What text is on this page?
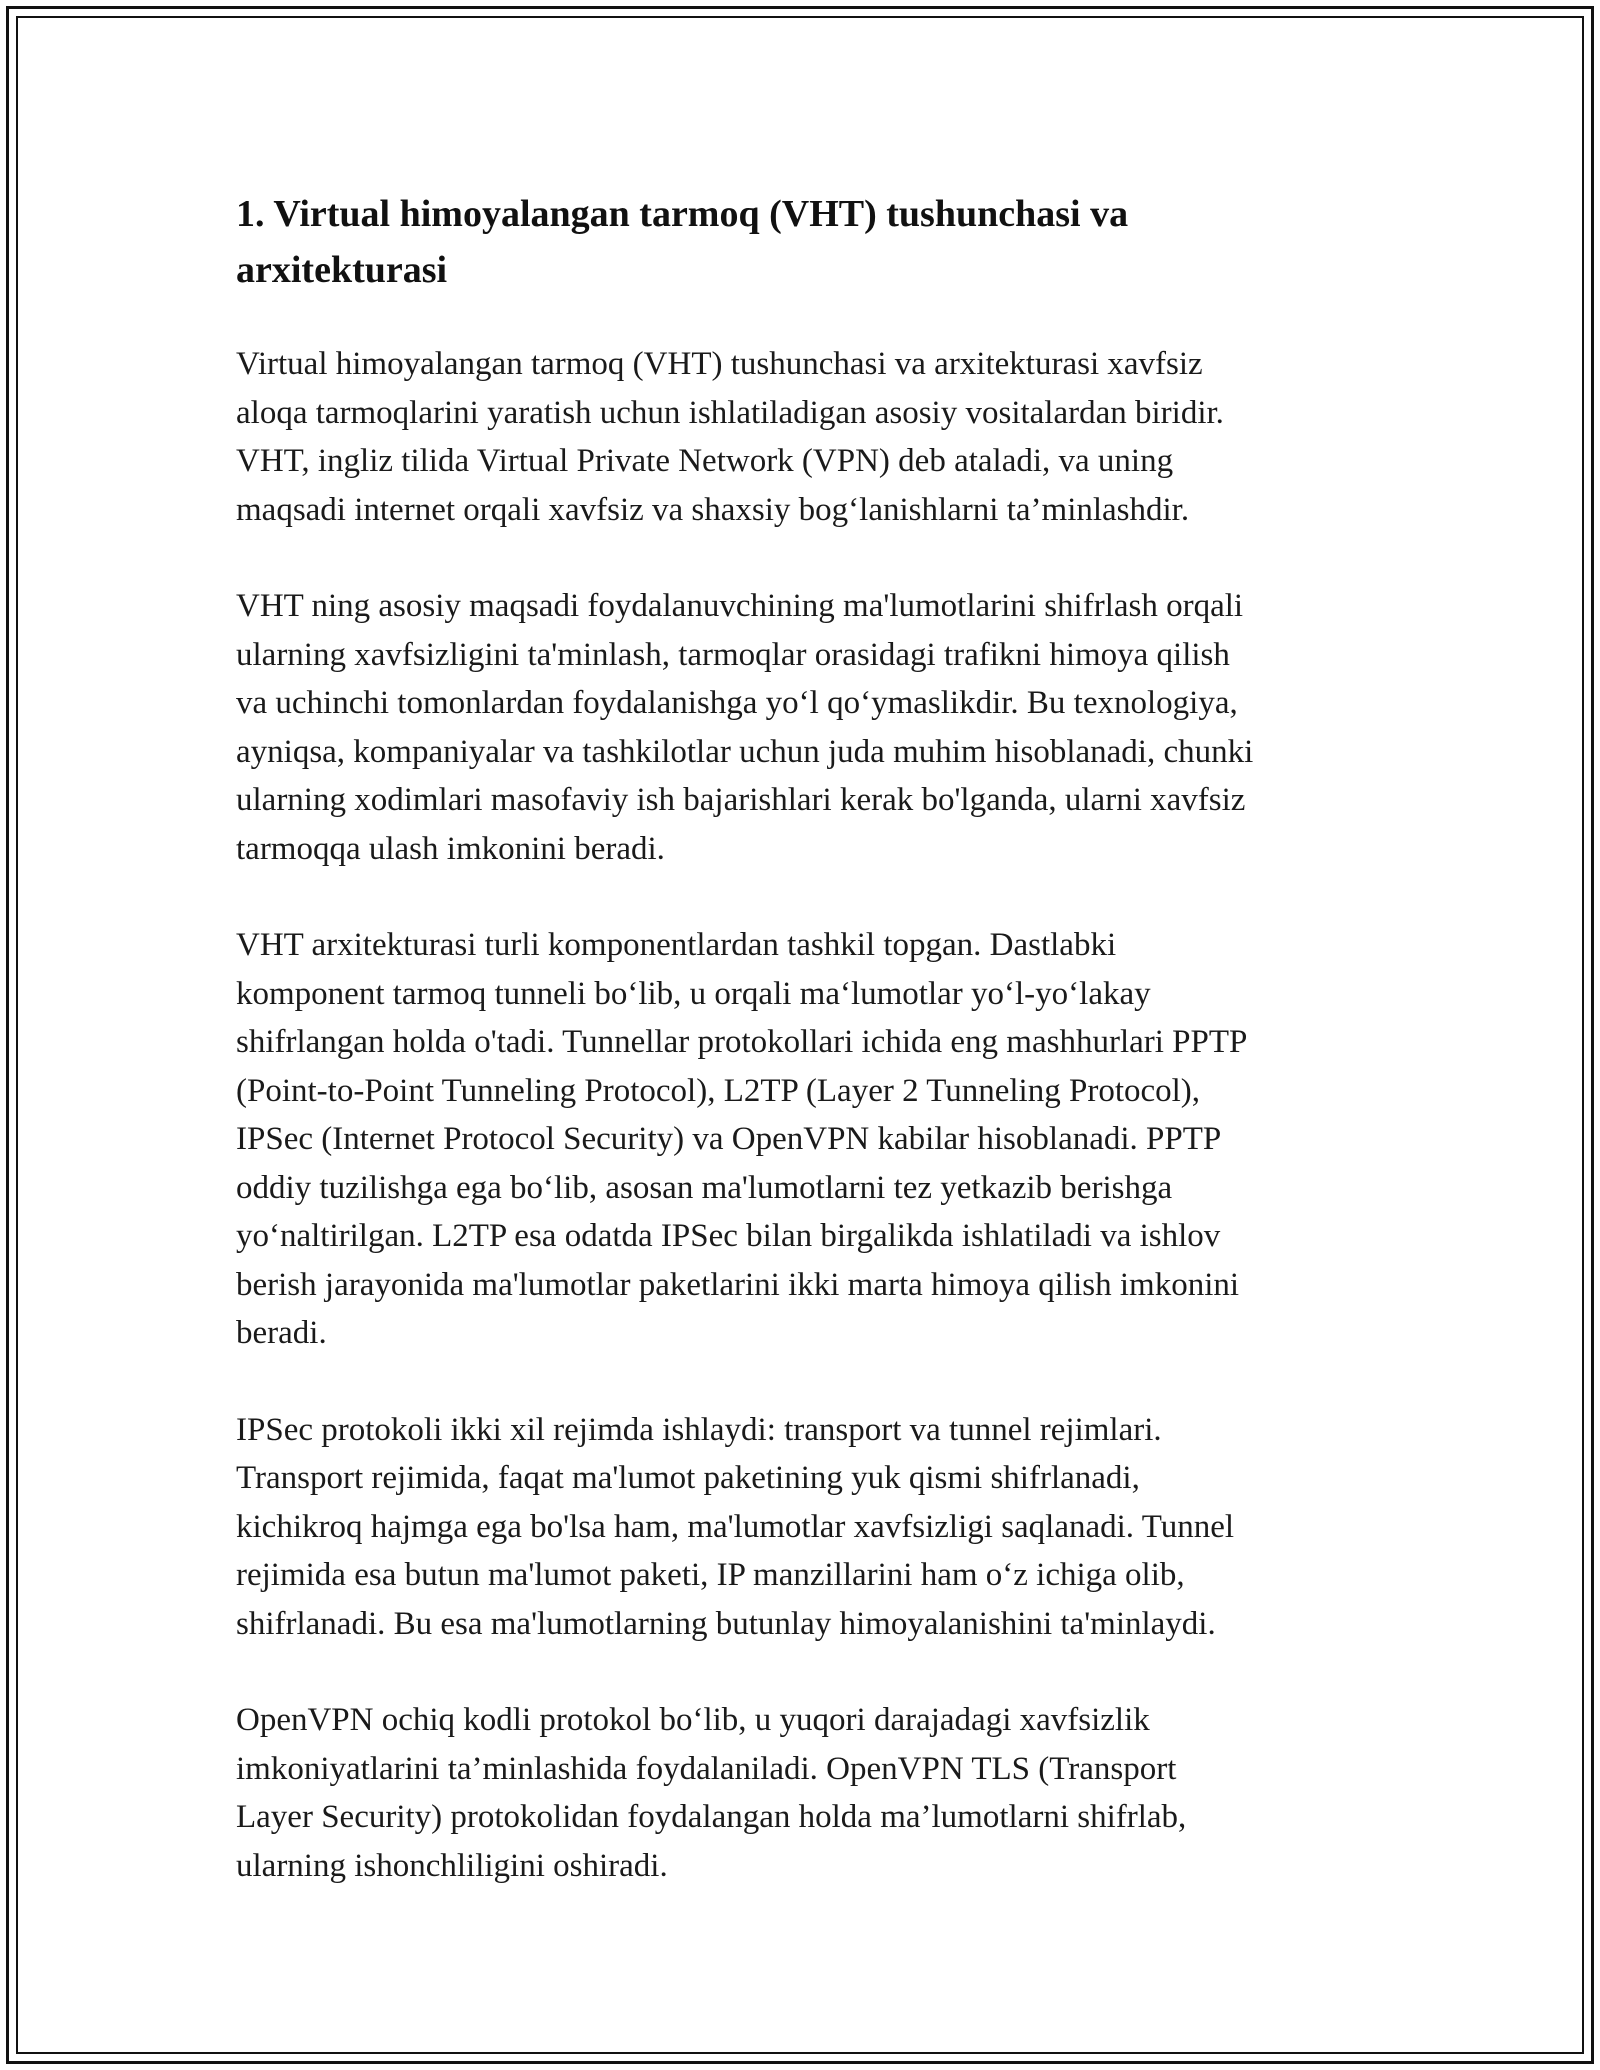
1. Virtual himoyalangan tarmoq (VHT) tushunchasi va
arxitekturasi

Virtual himoyalangan tarmoq (VHT) tushunchasi va arxitekturasi xavfsiz
aloqa tarmoqlarini yaratish uchun ishlatiladigan asosiy vositalardan biridir.
VHT, ingliz tilida Virtual Private Network (VPN) deb ataladi, va uning
maqsadi internet orqali xavfsiz va shaxsiy bog‘lanishlarni ta’minlashdir.

VHT ning asosiy maqsadi foydalanuvchining ma'lumotlarini shifrlash orqali
ularning xavfsizligini ta'minlash, tarmoqlar orasidagi trafikni himoya qilish
va uchinchi tomonlardan foydalanishga yo‘l qo‘ymaslikdir. Bu texnologiya,
ayniqsa, kompaniyalar va tashkilotlar uchun juda muhim hisoblanadi, chunki
ularning xodimlari masofaviy ish bajarishlari kerak bo'lganda, ularni xavfsiz
tarmoqqa ulash imkonini beradi.

VHT arxitekturasi turli komponentlardan tashkil topgan. Dastlabki
komponent tarmoq tunneli bo‘lib, u orqali ma‘lumotlar yo‘l-yo‘lakay
shifrlangan holda o'tadi. Tunnellar protokollari ichida eng mashhurlari PPTP
(Point-to-Point Tunneling Protocol), L2TP (Layer 2 Tunneling Protocol),
IPSec (Internet Protocol Security) va OpenVPN kabilar hisoblanadi. PPTP
oddiy tuzilishga ega bo‘lib, asosan ma'lumotlarni tez yetkazib berishga
yo‘naltirilgan. L2TP esa odatda IPSec bilan birgalikda ishlatiladi va ishlov
berish jarayonida ma'lumotlar paketlarini ikki marta himoya qilish imkonini
beradi.

IPSec protokoli ikki xil rejimda ishlaydi: transport va tunnel rejimlari.
Transport rejimida, faqat ma'lumot paketining yuk qismi shifrlanadi,
kichikroq hajmga ega bo'lsa ham, ma'lumotlar xavfsizligi saqlanadi. Tunnel
rejimida esa butun ma'lumot paketi, IP manzillarini ham o‘z ichiga olib,
shifrlanadi. Bu esa ma'lumotlarning butunlay himoyalanishini ta'minlaydi.

OpenVPN ochiq kodli protokol bo‘lib, u yuqori darajadagi xavfsizlik
imkoniyatlarini ta’minlashida foydalaniladi. OpenVPN TLS (Transport
Layer Security) protokolidan foydalangan holda ma’lumotlarni shifrlab,
ularning ishonchliligini oshiradi.
